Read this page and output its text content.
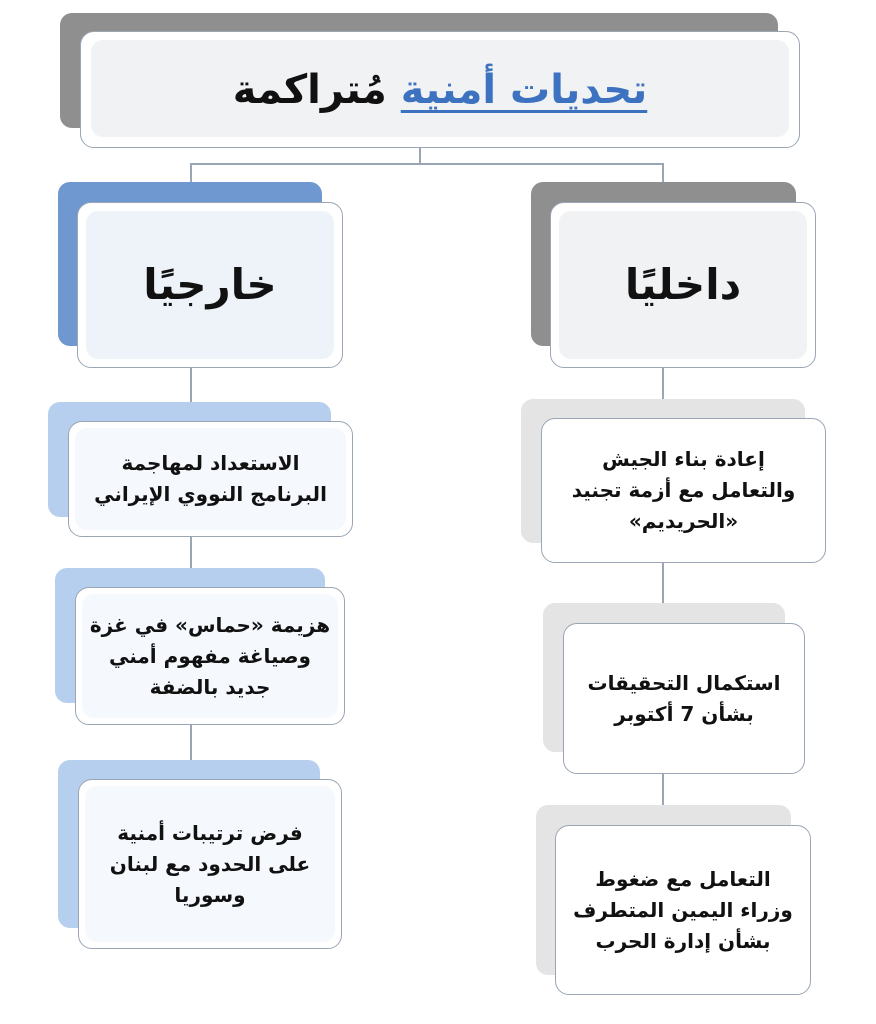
تحديات أمنية مُتراكمة
داخليًا
خارجيًا
إعادة بناء الجيش
والتعامل مع أزمة تجنيد
«الحريديم»
استكمال التحقيقات
بشأن 7 أكتوبر
التعامل مع ضغوط
وزراء اليمين المتطرف
بشأن إدارة الحرب
الاستعداد لمهاجمة
البرنامج النووي الإيراني
هزيمة «حماس» في غزة
وصياغة مفهوم أمني
جديد بالضفة
فرض ترتيبات أمنية
على الحدود مع لبنان
وسوريا
